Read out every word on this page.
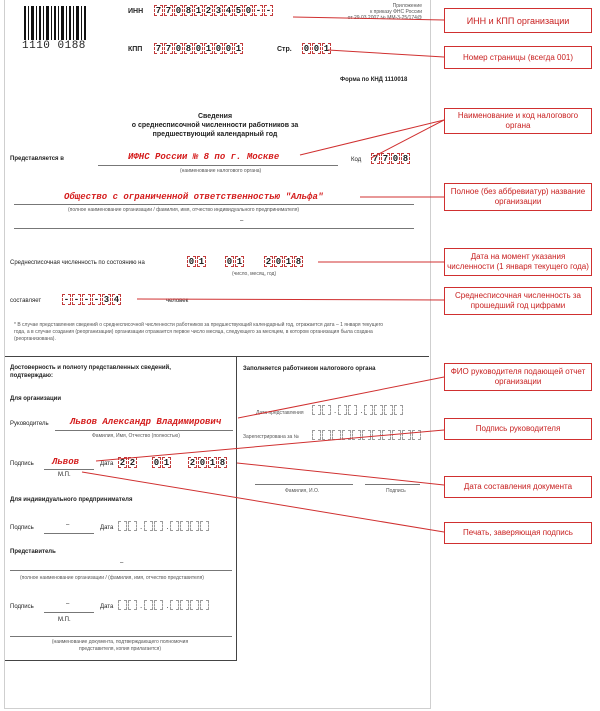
1110 0188
Приложение
к приказу ФНС России
от 29.03.2007 № ММ-3-25/174@
ИНН 7 7 0 8 1 2 3 4 5 0 - -
КПП 7 7 0 8 0 1 0 0 1	Стр. 0 0 1
Форма по КНД 1110018
Сведения
о среднесписочной численности работников за
предшествующий календарный год
Представляется в	ИФНС России № 8 по г. Москве
(наименование налогового органа)
Код 7 7 0 8
Общество с ограниченной ответственностью "Альфа"
(полное наименование организации / фамилия, имя, отчество индивидуального предпринимателя)
–
Среднесписочная численность по состоянию на	0 1	0 1	2 0 1 8
(число, месяц, год)
составляет	- - - - 3 4	человек
* В случае представления сведений о среднесписочной численности работников за предшествующий календарный год, отражается дата – 1 января текущего года, а в случае создания (реорганизации) организации отражается первое число месяца, следующего за месяцем, в котором организация была создана (реорганизована).
Достоверность и полноту представленных сведений,
подтверждаю:
Для организации
Руководитель Львов Александр Владимирович
Фамилия, Имя, Отчество (полностью)
Подпись Львов	Дата 2 2 0 1 2 0 1 8
М.П.
Для индивидуального предпринимателя
Подпись	–	Дата	.	.
Представитель
–
(полное наименование организации / (фамилия, имя, отчество представителя)
Подпись	–	Дата	.	.
М.П.
(наименование документа, подтверждающего полномочия
представителя, копия прилагается)
Заполняется работником налогового органа
Дата представления	.	.
Зарегистрирована за №
Фамилия, И.О.	Подпись
ИНН и КПП организации
Номер страницы (всегда 001)
Наименование и код налогового органа
Полное (без аббревиатур) название организации
Дата на момент указания численности (1 января текущего года)
Среднесписочная численность за прошедший год цифрами
ФИО руководителя подающей отчет организации
Подпись руководителя
Дата составления документа
Печать, заверяющая подпись
